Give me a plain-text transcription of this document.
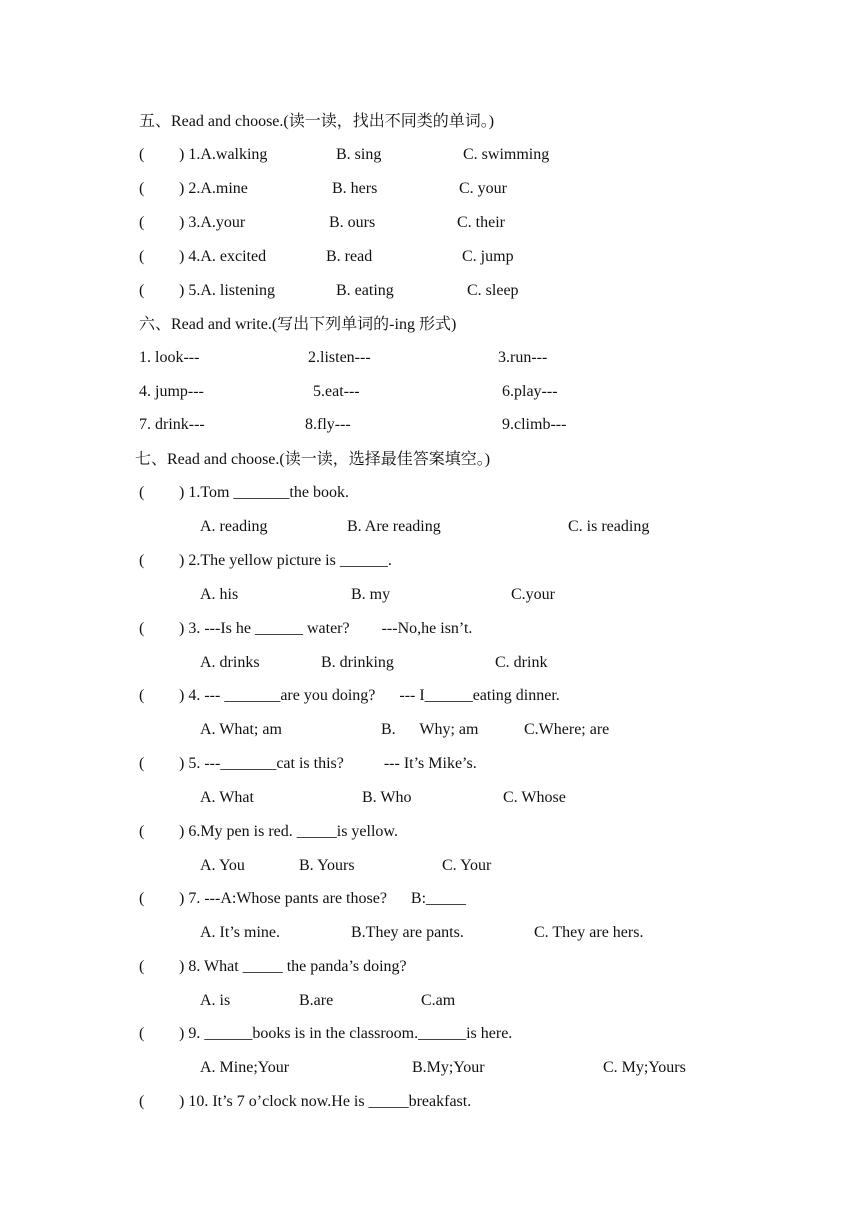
五、Read and choose.(读一读，找出不同类的单词。)
( ) 1.A.walking	B. sing	C. swimming
( ) 2.A.mine	B. hers	C. your
( ) 3.A.your	B. ours	C. their
( ) 4.A. excited	B. read	C. jump
( ) 5.A. listening	B. eating	C. sleep
六、Read and write.(写出下列单词的-ing 形式)
1. look---	2.listen---	3.run---
4. jump---	5.eat---	6.play---
7. drink---	8.fly---	9.climb---
七、Read and choose.(读一读，选择最佳答案填空。)
( ) 1.Tom _______the book.
A. reading	B. Are reading	C. is reading
( ) 2.The yellow picture is ______.
A. his	B. my	C.your
( ) 3. ---Is he ______ water?        ---No,he isn’t.
A. drinks	B. drinking	C. drink
( ) 4. --- _______are you doing?      --- I______eating dinner.
A. What; am	B.      Why; am	C.Where; are
( ) 5. ---_______cat is this?          --- It’s Mike’s.
A. What	B. Who	C. Whose
( ) 6.My pen is red. _____is yellow.
A. You	B. Yours	C. Your
( ) 7. ---A:Whose pants are those?      B:_____
A. It’s mine.	B.They are pants.	C. They are hers.
( ) 8. What _____ the panda’s doing?
A. is	B.are	C.am
( ) 9. ______books is in the classroom.______is here.
A. Mine;Your	B.My;Your	C. My;Yours
( ) 10. It’s 7 o’clock now.He is _____breakfast.
